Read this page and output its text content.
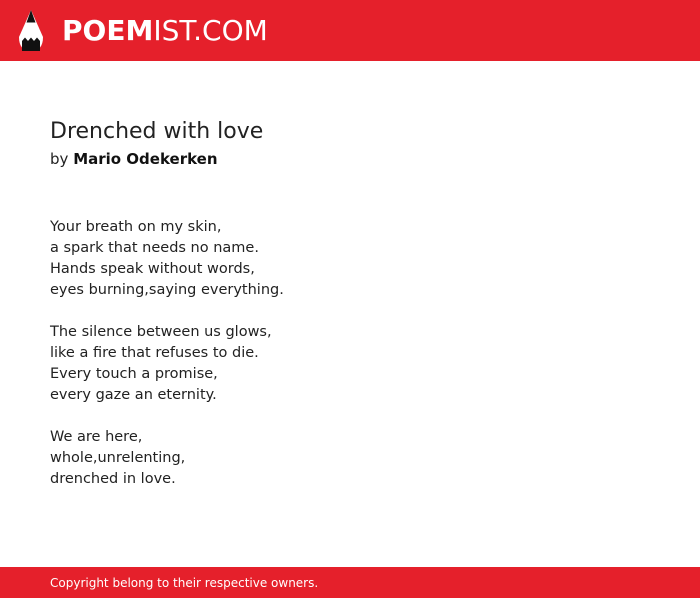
POEMIST.COM
Drenched with love

by Mario Odekerken

Your breath on my skin,
a spark that needs no name.
Hands speak without words,
eyes burning,saying everything.

The silence between us glows,
like a fire that refuses to die.
Every touch a promise,
every gaze an eternity.

We are here,
whole,unrelenting,
drenched in love.

Copyright belong to their respective owners.
